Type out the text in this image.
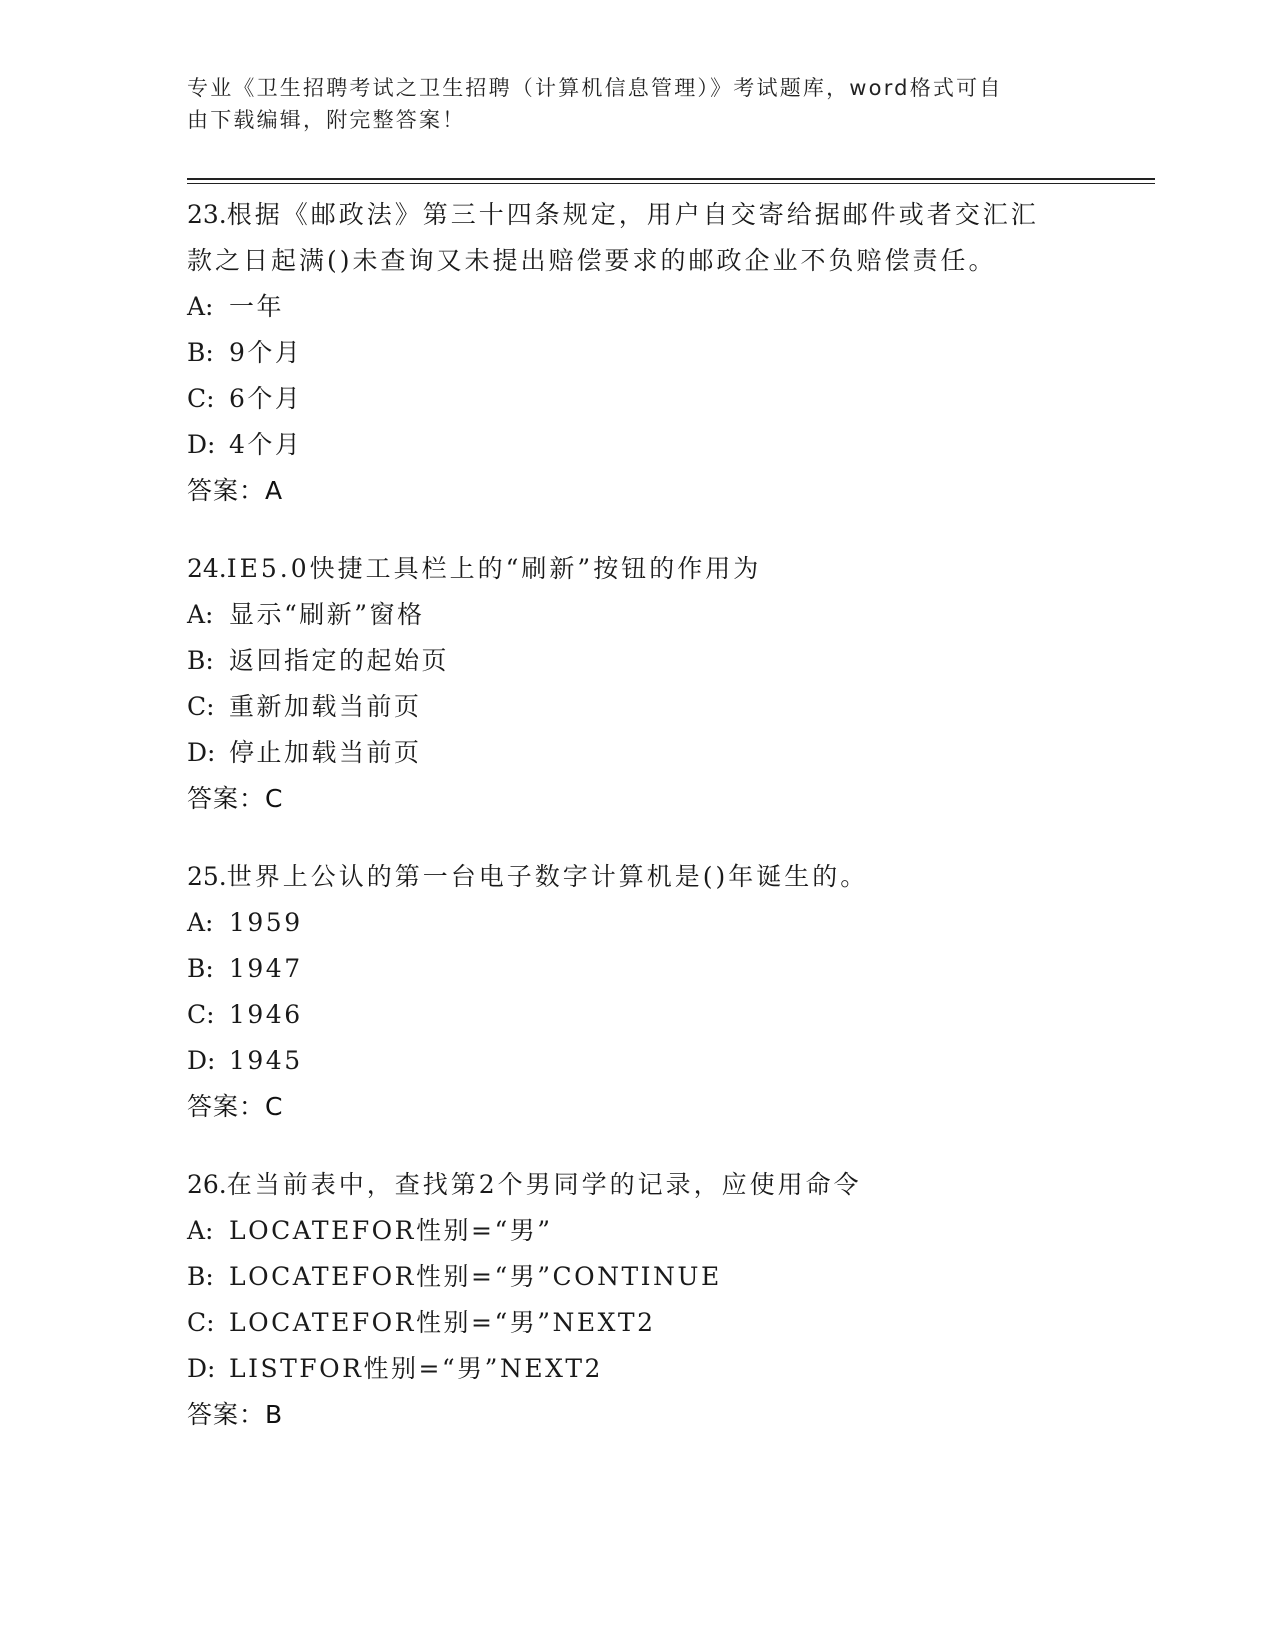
专业《卫生招聘考试之卫生招聘（计算机信息管理）》考试题库，word格式可自
由下载编辑，附完整答案！
23.根据《邮政法》第三十四条规定，用户自交寄给据邮件或者交汇汇
款之日起满()未查询又未提出赔偿要求的邮政企业不负赔偿责任。
A: 一年
B: 9个月
C: 6个月
D: 4个月
答案：A
24.IE5.0快捷工具栏上的“刷新”按钮的作用为
A: 显示“刷新”窗格
B: 返回指定的起始页
C: 重新加载当前页
D: 停止加载当前页
答案：C
25.世界上公认的第一台电子数字计算机是()年诞生的。
A: 1959
B: 1947
C: 1946
D: 1945
答案：C
26.在当前表中，查找第2个男同学的记录，应使用命令
A: LOCATEFOR性别=“男”
B: LOCATEFOR性别=“男”CONTINUE
C: LOCATEFOR性别=“男”NEXT2
D: LISTFOR性别=“男”NEXT2
答案：B
